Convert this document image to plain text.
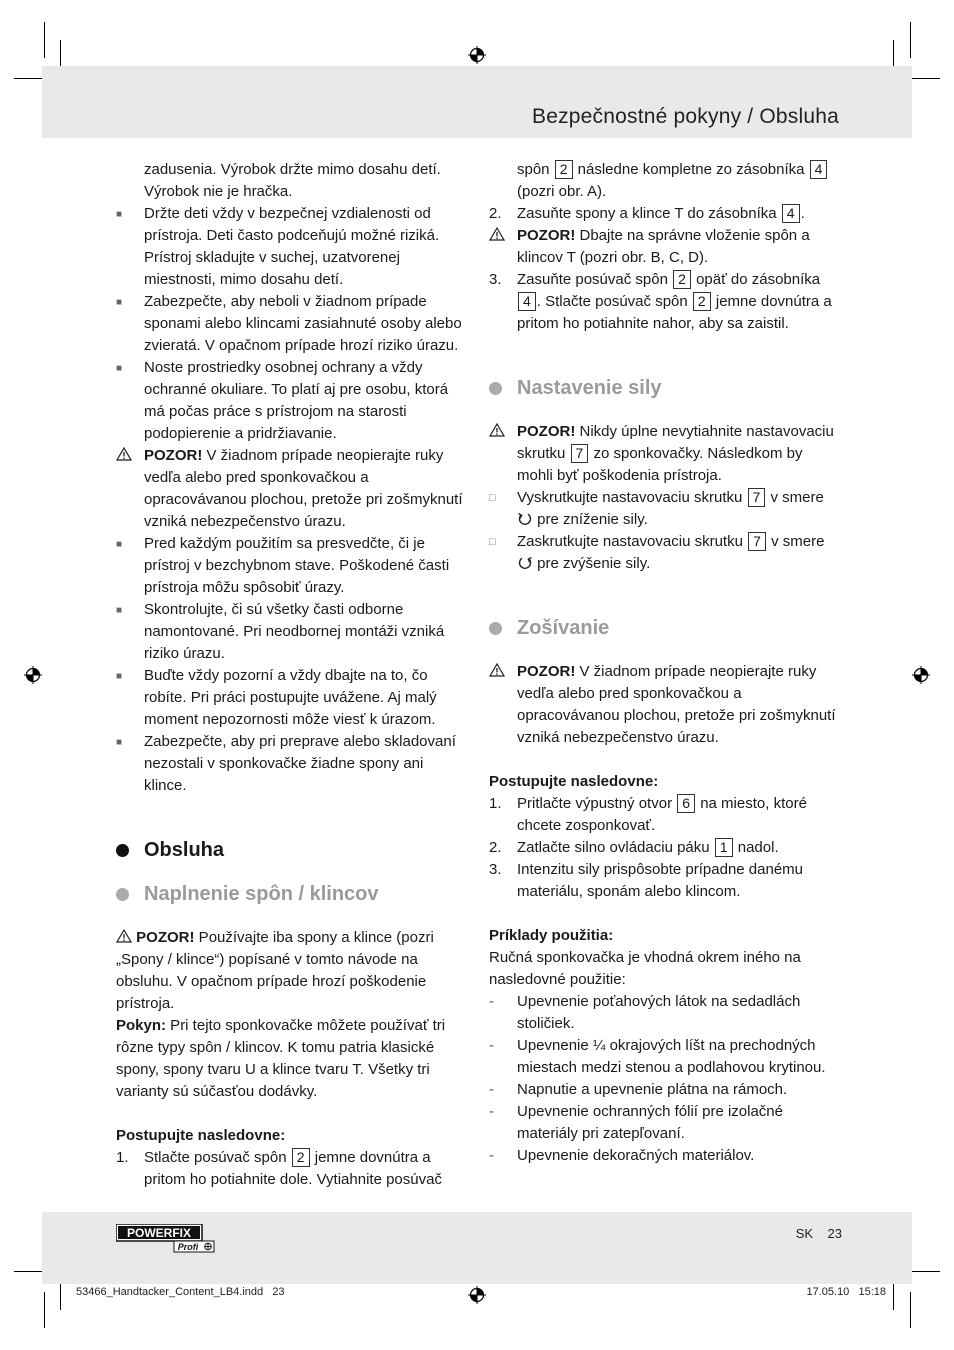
Bezpečnostné pokyny / Obsluha

zadusenia. Výrobok držte mimo dosahu detí. Výrobok nie je hračka.

■	Držte deti vždy v bezpečnej vzdialenosti od prístroja. Deti často podceňujú možné riziká. Prístroj skladujte v suchej, uzatvorenej miestnosti, mimo dosahu detí.

■	Zabezpečte, aby neboli v žiadnom prípade sponami alebo klincami zasiahnuté osoby alebo zvieratá. V opačnom prípade hrozí riziko úrazu.

■	Noste prostriedky osobnej ochrany a vždy ochranné okuliare. To platí aj pre osobu, ktorá má počas práce s prístrojom na starosti podopierenie a pridržiavanie.

POZOR! V žiadnom prípade neopierajte ruky vedľa alebo pred sponkovačkou a opracovávanou plochou, pretože pri zošmyknutí vzniká nebezpečenstvo úrazu.

■	Pred každým použitím sa presvedčte, či je prístroj v bezchybnom stave. Poškodené časti prístroja môžu spôsobiť úrazy.

■	Skontrolujte, či sú všetky časti odborne namontované. Pri neodbornej montáži vzniká riziko úrazu.

■	Buďte vždy pozorní a vždy dbajte na to, čo robíte. Pri práci postupujte uvážene. Aj malý moment nepozornosti môže viesť k úrazom.

■	Zabezpečte, aby pri preprave alebo skladovaní nezostali v sponkovačke žiadne spony ani klince.

Obsluha
Naplnenie spôn / klincov

POZOR! Používajte iba spony a klince (pozri „Spony / klince“) popísané v tomto návode na obsluhu. V opačnom prípade hrozí poškodenie prístroja.

Pokyn: Pri tejto sponkovačke môžete používať tri rôzne typy spôn / klincov. K tomu patria klasické spony, spony tvaru U a klince tvaru T. Všetky tri varianty sú súčasťou dodávky.

Postupujte nasledovne:

1.	Stlačte posúvač spôn 2 jemne dovnútra a pritom ho potiahnite dole. Vytiahnite posúvač

spôn 2 následne kompletne zo zásobníka 4 (pozri obr. A).

2.	Zasuňte spony a klince T do zásobníka 4 .

POZOR! Dbajte na správne vloženie spôn a klincov T (pozri obr. B, C, D).

3.	Zasuňte posúvač spôn 2 opäť do zásobníka 4 . Stlačte posúvač spôn 2 jemne dovnútra a pritom ho potiahnite nahor, aby sa zaistil.

Nastavenie sily

POZOR! Nikdy úplne nevytiahnite nastavovaciu skrutku 7 zo sponkovačky. Následkom by mohli byť poškodenia prístroja.

□	Vyskrutkujte nastavovaciu skrutku 7 v smere  pre zníženie sily.

□	Zaskrutkujte nastavovaciu skrutku 7 v smere  pre zvýšenie sily.

Zošívanie

POZOR! V žiadnom prípade neopierajte ruky vedľa alebo pred sponkovačkou a opracovávanou plochou, pretože pri zošmyknutí vzniká nebezpečenstvo úrazu.

Postupujte nasledovne:

1.	Pritlačte výpustný otvor 6 na miesto, ktoré chcete zosponkovať.

2.	Zatlačte silno ovládaciu páku 1 nadol.

3.	Intenzitu sily prispôsobte prípadne danému materiálu, sponám alebo klincom.

Príklady použitia:

Ručná sponkovačka je vhodná okrem iného na nasledovné použitie:

-	Upevnenie poťahových látok na sedadlách stoličiek.

-	Upevnenie ¼ okrajových líšt na prechodných miestach medzi stenou a podlahovou krytinou.

-	Napnutie a upevnenie plátna na rámoch.

-	Upevnenie ochranných fólií pre izolačné materiály pri zatepľovaní.

-	Upevnenie dekoračných materiálov.

POWERFIX
Profi
SK 23
53466_Handtacker_Content_LB4.indd   23	17.05.10   15:18
